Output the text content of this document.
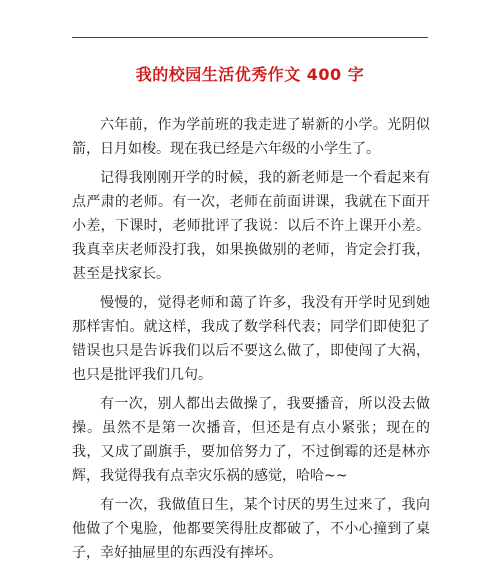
我的校园生活优秀作文 400 字

六年前，作为学前班的我走进了崭新的小学。光阴似箭，日月如梭。现在我已经是六年级的小学生了。

记得我刚刚开学的时候，我的新老师是一个看起来有点严肃的老师。有一次，老师在前面讲课，我就在下面开小差，下课时，老师批评了我说：以后不许上课开小差。我真幸庆老师没打我，如果换做别的老师，肯定会打我，甚至是找家长。

慢慢的，觉得老师和蔼了许多，我没有开学时见到她那样害怕。就这样，我成了数学科代表；同学们即使犯了错误也只是告诉我们以后不要这么做了，即使闯了大祸，也只是批评我们几句。

有一次，别人都出去做操了，我要播音，所以没去做操。虽然不是第一次播音，但还是有点小紧张；现在的我，又成了副旗手，要加倍努力了，不过倒霉的还是林亦辉，我觉得我有点幸灾乐祸的感觉，哈哈~~

有一次，我做值日生，某个讨厌的男生过来了，我向他做了个鬼脸，他都要笑得肚皮都破了，不小心撞到了桌子，幸好抽屉里的东西没有摔坏。
